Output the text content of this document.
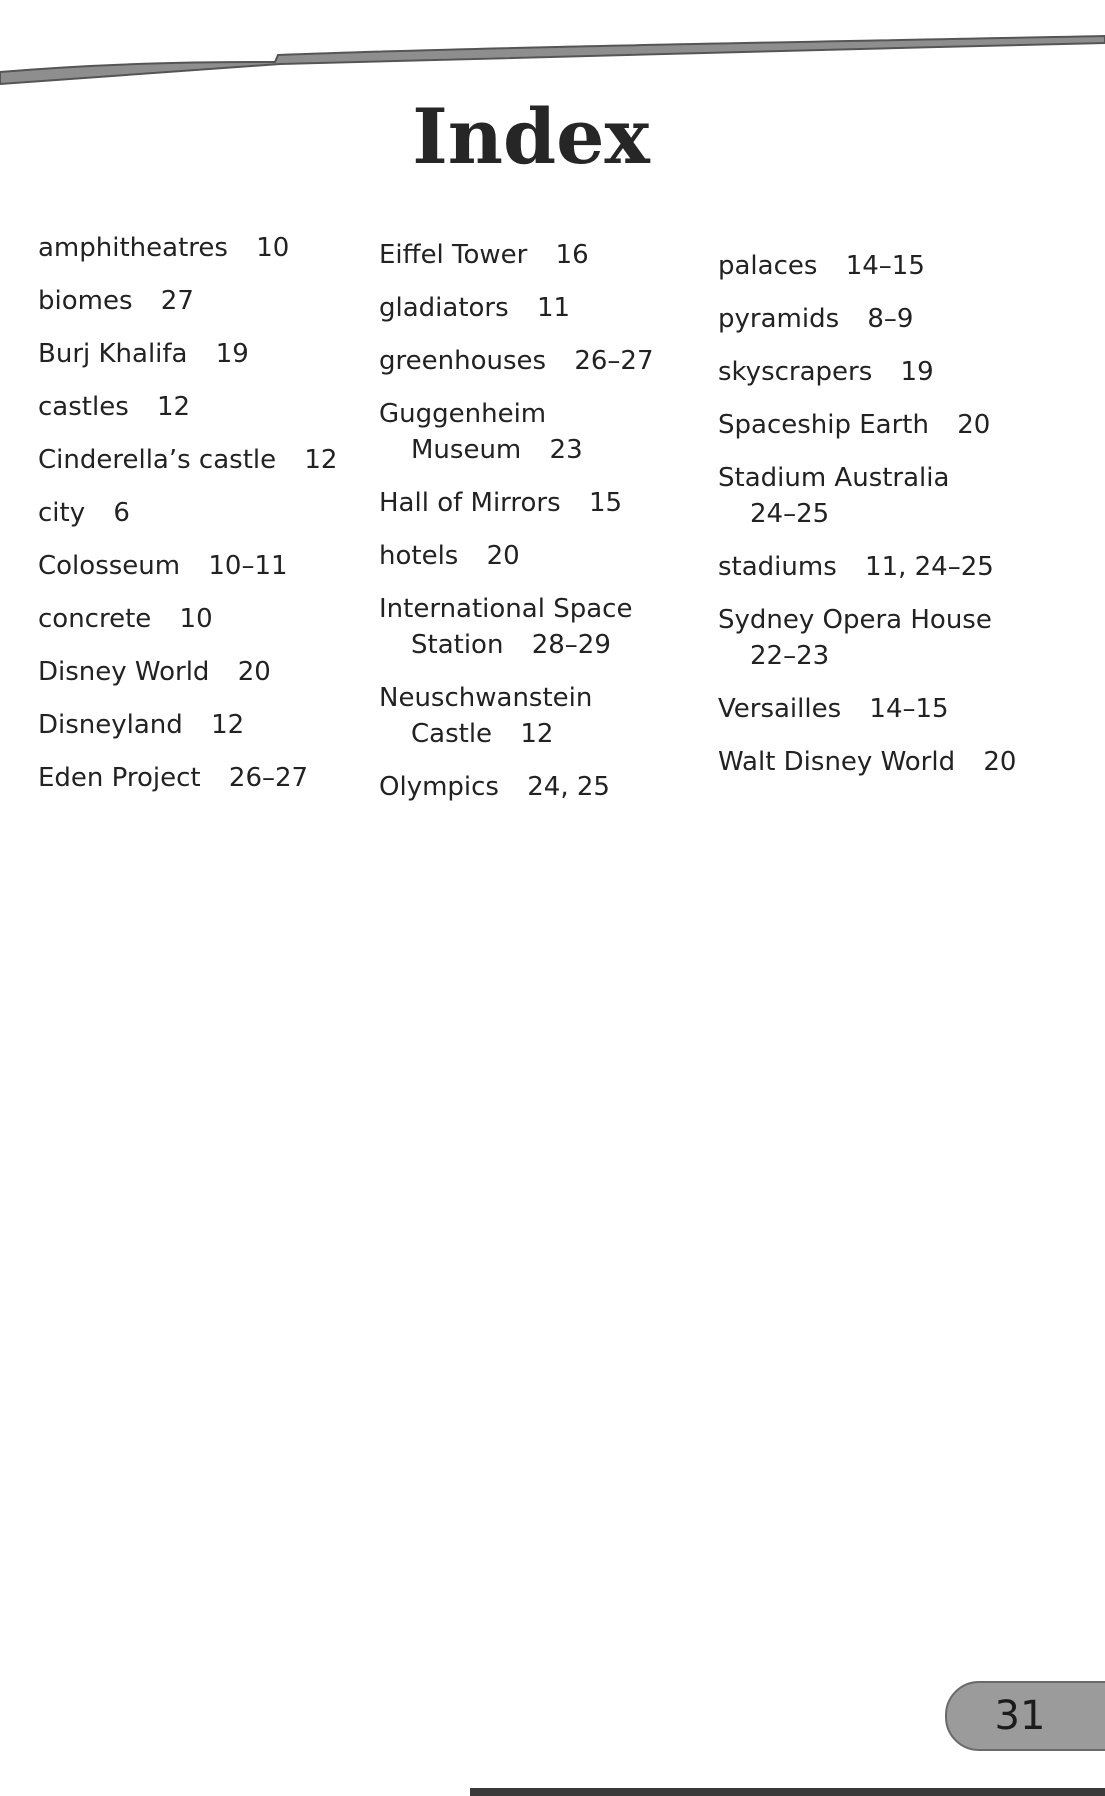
Index
amphitheatres 10
biomes 27
Burj Khalifa 19
castles 12
Cinderella’s castle 12
city 6
Colosseum 10–11
concrete 10
Disney World 20
Disneyland 12
Eden Project 26–27
Eiffel Tower 16
gladiators 11
greenhouses 26–27
Guggenheim Museum 23
Hall of Mirrors 15
hotels 20
International Space Station 28–29
Neuschwanstein Castle 12
Olympics 24, 25
palaces 14–15
pyramids 8–9
skyscrapers 19
Spaceship Earth 20
Stadium Australia 24–25
stadiums 11, 24–25
Sydney Opera House 22–23
Versailles 14–15
Walt Disney World 20
31
